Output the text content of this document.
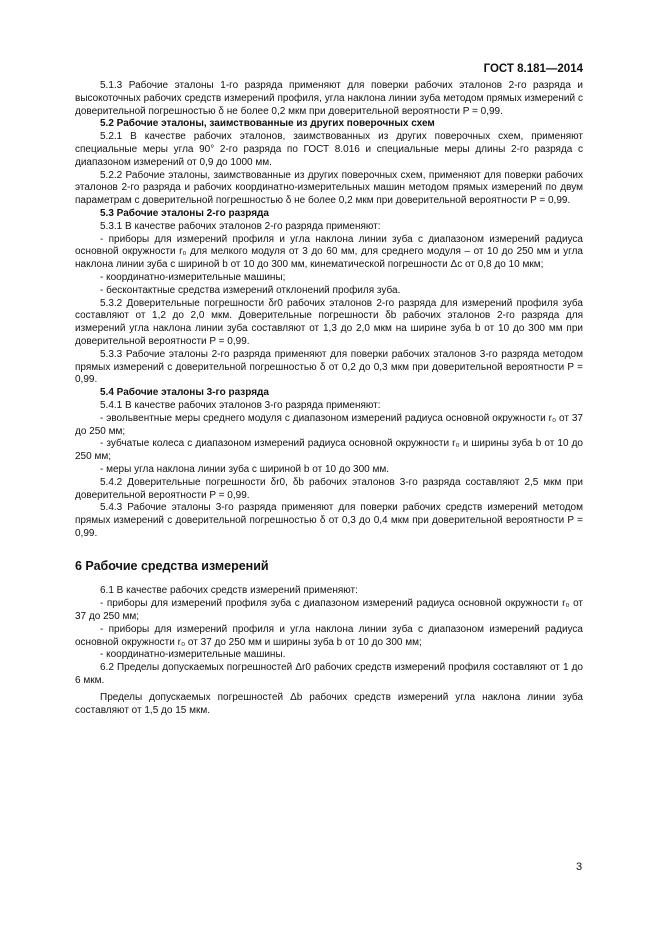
ГОСТ 8.181—2014

5.1.3 Рабочие эталоны 1-го разряда применяют для поверки рабочих эталонов 2-го разряда и высокоточных рабочих средств измерений профиля, угла наклона линии зуба методом прямых измерений с доверительной погрешностью δ не более 0,2 мкм при доверительной вероятности P = 0,99.

5.2 Рабочие эталоны, заимствованные из других поверочных схем

5.2.1 В качестве рабочих эталонов, заимствованных из других поверочных схем, применяют специальные меры угла 90° 2-го разряда по ГОСТ 8.016 и специальные меры длины 2-го разряда с диапазоном измерений от 0,9 до 1000 мм.

5.2.2 Рабочие эталоны, заимствованные из других поверочных схем, применяют для поверки рабочих эталонов 2-го разряда и рабочих координатно-измерительных машин методом прямых измерений по двум параметрам с доверительной погрешностью δ не более 0,2 мкм при доверительной вероятности P = 0,99.

5.3 Рабочие эталоны 2-го разряда

5.3.1 В качестве рабочих эталонов 2-го разряда применяют:

- приборы для измерений профиля и угла наклона линии зуба с диапазоном измерений радиуса основной окружности r₀ для мелкого модуля от 3 до 60 мм, для среднего модуля – от 10 до 250 мм и угла наклона линии зуба с шириной b от 10 до 300 мм, кинематической погрешности Δс от 0,8 до 10 мкм;

- координатно-измерительные машины;

- бесконтактные средства измерений отклонений профиля зуба.

5.3.2 Доверительные погрешности δr0 рабочих эталонов 2-го разряда для измерений профиля зуба составляют от 1,2 до 2,0 мкм. Доверительные погрешности δb рабочих эталонов 2-го разряда для измерений угла наклона линии зуба составляют от 1,3 до 2,0 мкм на ширине зуба b от 10 до 300 мм при доверительной вероятности P = 0,99.

5.3.3 Рабочие эталоны 2-го разряда применяют для поверки рабочих эталонов 3-го разряда методом прямых измерений с доверительной погрешностью δ от 0,2 до 0,3 мкм при доверительной вероятности P = 0,99.

5.4 Рабочие эталоны 3-го разряда

5.4.1 В качестве рабочих эталонов 3-го разряда применяют:

- эвольвентные меры среднего модуля с диапазоном измерений радиуса основной окружности r₀ от 37 до 250 мм;

- зубчатые колеса с диапазоном измерений радиуса основной окружности r₀ и ширины зуба b от 10 до 250 мм;

- меры угла наклона линии зуба с шириной b от 10 до 300 мм.

5.4.2 Доверительные погрешности δr0, δb рабочих эталонов 3-го разряда составляют 2,5 мкм при доверительной вероятности P = 0,99.

5.4.3 Рабочие эталоны 3-го разряда применяют для поверки рабочих средств измерений методом прямых измерений с доверительной погрешностью δ от 0,3 до 0,4 мкм при доверительной вероятности P = 0,99.

6 Рабочие средства измерений

6.1 В качестве рабочих средств измерений применяют:

- приборы для измерений профиля зуба с диапазоном измерений радиуса основной окружности r₀ от 37 до 250 мм;

- приборы для измерений профиля и угла наклона линии зуба с диапазоном измерений радиуса основной окружности r₀ от 37 до 250 мм и ширины зуба b от 10 до 300 мм;

- координатно-измерительные машины.

6.2 Пределы допускаемых погрешностей Δr0 рабочих средств измерений профиля составляют от 1 до 6 мкм.

Пределы допускаемых погрешностей Δb рабочих средств измерений угла наклона линии зуба составляют от 1,5 до 15 мкм.

3
